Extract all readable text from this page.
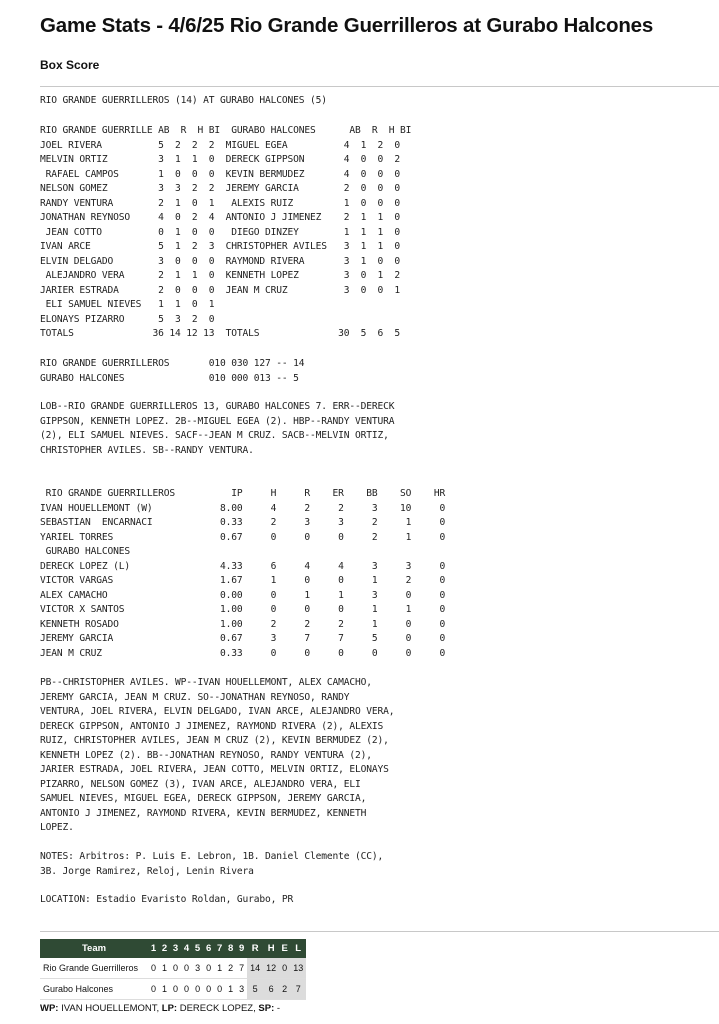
Game Stats - 4/6/25 Rio Grande Guerrilleros at Gurabo Halcones
Box Score
RIO GRANDE GUERRILLEROS (14) AT GURABO HALCONES (5)
RIO GRANDE GUERRILLE AB  R  H BI  GURABO HALCONES      AB  R  H BI
JOEL RIVERA          5  2  2  2  MIGUEL EGEA          4  1  2  0
MELVIN ORTIZ         3  1  1  0  DERECK GIPPSON       4  0  0  2
RAFAEL CAMPOS       1  0  0  0  KEVIN BERMUDEZ       4  0  0  0
NELSON GOMEZ         3  3  2  2  JEREMY GARCIA        2  0  0  0
RANDY VENTURA        2  1  0  1   ALEXIS RUIZ         1  0  0  0
JONATHAN REYNOSO     4  0  2  4  ANTONIO J JIMENEZ    2  1  1  0
JEAN COTTO          0  1  0  0   DIEGO DINZEY        1  1  1  0
IVAN ARCE            5  1  2  3  CHRISTOPHER AVILES   3  1  1  0
ELVIN DELGADO        3  0  0  0  RAYMOND RIVERA       3  1  0  0
ALEJANDRO VERA      2  1  1  0  KENNETH LOPEZ        3  0  1  2
JARIER ESTRADA       2  0  0  0  JEAN M CRUZ          3  0  0  1
ELI SAMUEL NIEVES   1  1  0  1
ELONAYS PIZARRO      5  3  2  0
TOTALS              36 14 12 13  TOTALS              30  5  6  5
RIO GRANDE GUERRILLEROS       010 030 127 -- 14
GURABO HALCONES               010 000 013 -- 5

LOB--RIO GRANDE GUERRILLEROS 13, GURABO HALCONES 7. ERR--DERECK GIPPSON, KENNETH LOPEZ. 2B--MIGUEL EGEA (2). HBP--RANDY VENTURA (2), ELI SAMUEL NIEVES. SACF--JEAN M CRUZ. SACB--MELVIN ORTIZ, CHRISTOPHER AVILES. SB--RANDY VENTURA.

RIO GRANDE GUERRILLEROS          IP     H     R    ER    BB    SO    HR
IVAN HOUELLEMONT (W)            8.00     4     2     2     3    10     0
SEBASTIAN  ENCARNACI            0.33     2     3     3     2     1     0
YARIEL TORRES                   0.67     0     0     0     2     1     0
GURABO HALCONES
DERECK LOPEZ (L)                4.33     6     4     4     3     3     0
VICTOR VARGAS                   1.67     1     0     0     1     2     0
ALEX CAMACHO                    0.00     0     1     1     3     0     0
VICTOR X SANTOS                 1.00     0     0     0     1     1     0
KENNETH ROSADO                  1.00     2     2     2     1     0     0
JEREMY GARCIA                   0.67     3     7     7     5     0     0
JEAN M CRUZ                     0.33     0     0     0     0     0     0

PB--CHRISTOPHER AVILES. WP--IVAN HOUELLEMONT, ALEX CAMACHO, JEREMY GARCIA, JEAN M CRUZ. SO--JONATHAN REYNOSO, RANDY VENTURA, JOEL RIVERA, ELVIN DELGADO, IVAN ARCE, ALEJANDRO VERA, DERECK GIPPSON, ANTONIO J JIMENEZ, RAYMOND RIVERA (2), ALEXIS RUIZ, CHRISTOPHER AVILES, JEAN M CRUZ (2), KEVIN BERMUDEZ (2), KENNETH LOPEZ (2). BB--JONATHAN REYNOSO, RANDY VENTURA (2), JARIER ESTRADA, JOEL RIVERA, JEAN COTTO, MELVIN ORTIZ, ELONAYS PIZARRO, NELSON GOMEZ (3), IVAN ARCE, ALEJANDRO VERA, ELI SAMUEL NIEVES, MIGUEL EGEA, DERECK GIPPSON, JEREMY GARCIA, ANTONIO J JIMENEZ, RAYMOND RIVERA, KEVIN BERMUDEZ, KENNETH LOPEZ.

NOTES: Arbitros: P. Luis E. Lebron, 1B. Daniel Clemente (CC), 3B. Jorge Ramirez, Reloj, Lenin Rivera

LOCATION: Estadio Evaristo Roldan, Gurabo, PR
Team	1	2	3	4	5	6	7	8	9	R	H	E	L
Rio Grande Guerrilleros	0	1	0	0	3	0	1	2	7	14	12	0	13
Gurabo Halcones	0	1	0	0	0	0	0	1	3	5	6	2	7
WP: IVAN HOUELLEMONT, LP: DERECK LOPEZ, SP: -
